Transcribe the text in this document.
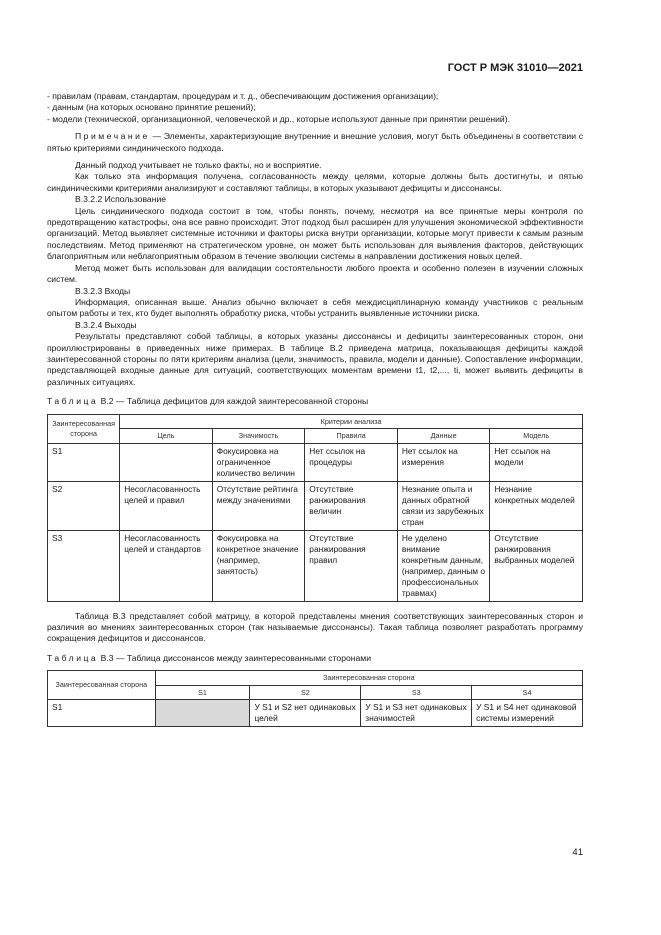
ГОСТ Р МЭК 31010—2021

- правилам (правам, стандартам, процедурам и т. д., обеспечивающим достижения организации);

- данным (на которых основано принятие решений);

- модели (технической, организационной, человеческой и др., которые используют данные при принятии решений).

Примечание — Элементы, характеризующие внутренние и внешние условия, могут быть объединены в соответствии с пятью критериями синдинического подхода.

Данный подход учитывает не только факты, но и восприятие.

Как только эта информация получена, согласованность между целями, которые должны быть достигнуты, и пятью синдиническими критериями анализируют и составляют таблицы, в которых указывают дефициты и диссонансы.

В.3.2.2 Использование

Цель синдинического подхода состоит в том, чтобы понять, почему, несмотря на все принятые меры контроля по предотвращению катастрофы, она все равно происходит. Этот подход был расширен для улучшения экономической эффективности организаций. Метод выявляет системные источники и факторы риска внутри организации, которые могут привести к самым разным последствиям. Метод применяют на стратегическом уровне, он может быть использован для выявления факторов, действующих благоприятным или неблагоприятным образом в течение эволюции системы в направлении достижения новых целей.

Метод может быть использован для валидации состоятельности любого проекта и особенно полезен в изучении сложных систем.

В.3.2.3 Входы

Информация, описанная выше. Анализ обычно включает в себя междисциплинарную команду участников с реальным опытом работы и тех, кто будет выполнять обработку риска, чтобы устранить выявленные источники риска.

В.3.2.4 Выходы

Результаты представляют собой таблицы, в которых указаны диссонансы и дефициты заинтересованных сторон, они проиллюстрированы в приведенных ниже примерах. В таблице В.2 приведена матрица, показывающая дефициты каждой заинтересованной стороны по пяти критериям анализа (цели, значимость, правила, модели и данные). Сопоставление информации, представляющей входные данные для ситуаций, соответствующих моментам времени t1, t2,..., ti, может выявить дефициты в различных ситуациях.

Таблица В.2 — Таблица дефицитов для каждой заинтересованной стороны
Заинтересованная сторона	Критерии анализа				
	Цель	Значимость	Правила	Данные	Модель
S1		Фокусировка на ограниченное количество величин	Нет ссылок на процедуры	Нет ссылок на измерения	Нет ссылок на модели
S2	Несогласованность целей и правил	Отсутствие рейтинга между значениями	Отсутствие ранжирования величин	Незнание опыта и данных обратной связи из зарубежных стран	Незнание конкретных моделей
S3	Несогласованность целей и стандартов	Фокусировка на конкретное значение (например, занятость)	Отсутствие ранжирования правил	Не уделено внимание конкретным данным, (например, данным о профессиональных травмах)	Отсутствие ранжирования выбранных моделей

Таблица В.3 представляет собой матрицу, в которой представлены мнения соответствующих заинтересованных сторон и различия во мнениях заинтересованных сторон (так называемые диссонансы). Такая таблица позволяет разработать программу сокращения дефицитов и диссонансов.

Таблица В.3 — Таблица диссонансов между заинтересованными сторонами
Заинтересованная сторона	Заинтересованная сторона			
	S1	S2	S3	S4
S1		У S1 и S2 нет одинаковых целей	У S1 и S3 нет одинаковых значимостей	У S1 и S4 нет одинаковой системы измерений
41
